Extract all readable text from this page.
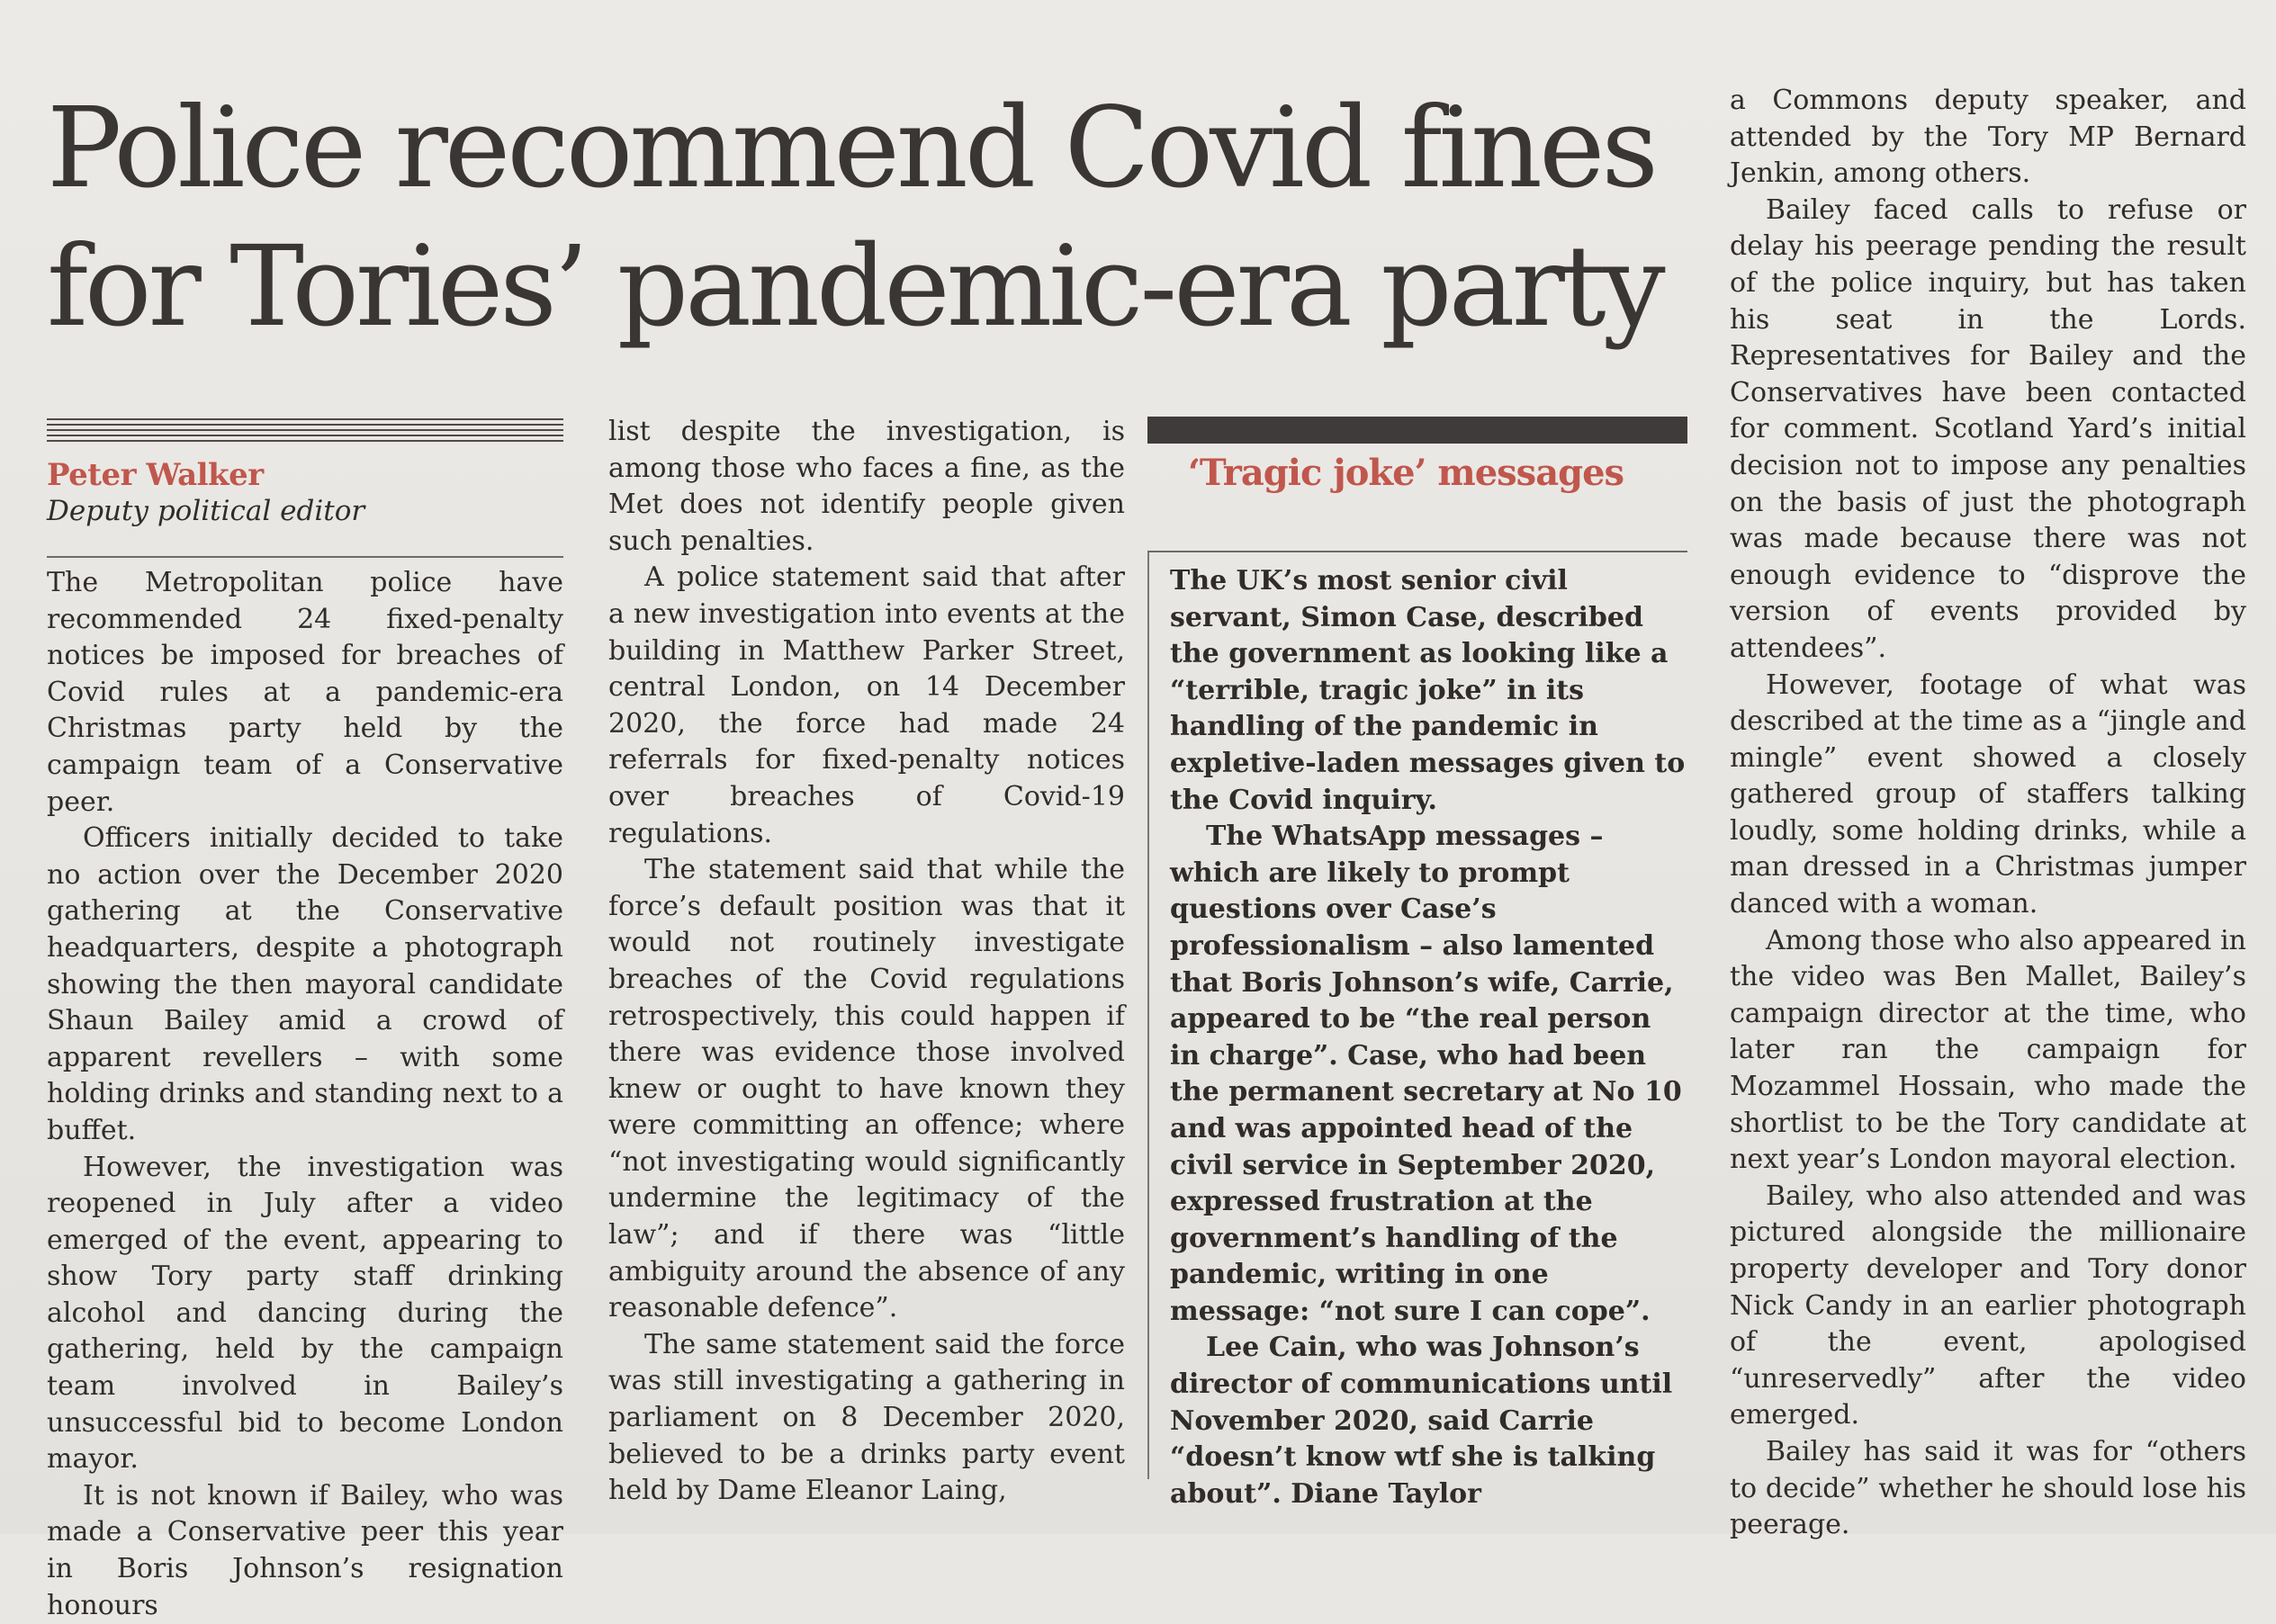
Police recommend Covid fines
for Tories’ pandemic-era party

Peter Walker

Deputy political editor

The Metropolitan police have recommended 24 fixed-penalty notices be imposed for breaches of Covid rules at a pandemic-era Christmas party held by the campaign team of a Conservative peer.

Officers initially decided to take no action over the December 2020 gathering at the Conservative headquarters, despite a photograph showing the then mayoral candidate Shaun Bailey amid a crowd of apparent revellers – with some holding drinks and standing next to a buffet.

However, the investigation was reopened in July after a video emerged of the event, appearing to show Tory party staff drinking alcohol and dancing during the gathering, held by the campaign team involved in Bailey’s unsuccessful bid to become London mayor.

It is not known if Bailey, who was made a Conservative peer this year in Boris Johnson’s resignation honours

list despite the investigation, is among those who faces a fine, as the Met does not identify people given such penalties.

A police statement said that after a new investigation into events at the building in Matthew Parker Street, central London, on 14 December 2020, the force had made 24 referrals for fixed-penalty notices over breaches of Covid-19 regulations.

The statement said that while the force’s default position was that it would not routinely investigate breaches of the Covid regulations retrospectively, this could happen if there was evidence those involved knew or ought to have known they were committing an offence; where “not investigating would significantly undermine the legitimacy of the law”; and if there was “little ambiguity around the absence of any reasonable defence”.

The same statement said the force was still investigating a gathering in parliament on 8 December 2020, believed to be a drinks party event held by Dame Eleanor Laing,

‘Tragic joke’ messages

The UK’s most senior civil servant, Simon Case, described the government as looking like a “terrible, tragic joke” in its handling of the pandemic in expletive-laden messages given to the Covid inquiry.

The WhatsApp messages – which are likely to prompt questions over Case’s professionalism – also lamented that Boris Johnson’s wife, Carrie, appeared to be “the real person in charge”. Case, who had been the permanent secretary at No 10 and was appointed head of the civil service in September 2020, expressed frustration at the government’s handling of the pandemic, writing in one message: “not sure I can cope”.

Lee Cain, who was Johnson’s director of communications until November 2020, said Carrie “doesn’t know wtf she is talking about”. Diane Taylor

a Commons deputy speaker, and attended by the Tory MP Bernard Jenkin, among others.

Bailey faced calls to refuse or delay his peerage pending the result of the police inquiry, but has taken his seat in the Lords. Representatives for Bailey and the Conservatives have been contacted for comment. Scotland Yard’s initial decision not to impose any penalties on the basis of just the photograph was made because there was not enough evidence to “disprove the version of events provided by attendees”.

However, footage of what was described at the time as a “jingle and mingle” event showed a closely gathered group of staffers talking loudly, some holding drinks, while a man dressed in a Christmas jumper danced with a woman.

Among those who also appeared in the video was Ben Mallet, Bailey’s campaign director at the time, who later ran the campaign for Mozammel Hossain, who made the shortlist to be the Tory candidate at next year’s London mayoral election.

Bailey, who also attended and was pictured alongside the millionaire property developer and Tory donor Nick Candy in an earlier photograph of the event, apologised “unreservedly” after the video emerged.

Bailey has said it was for “others to decide” whether he should lose his peerage.
